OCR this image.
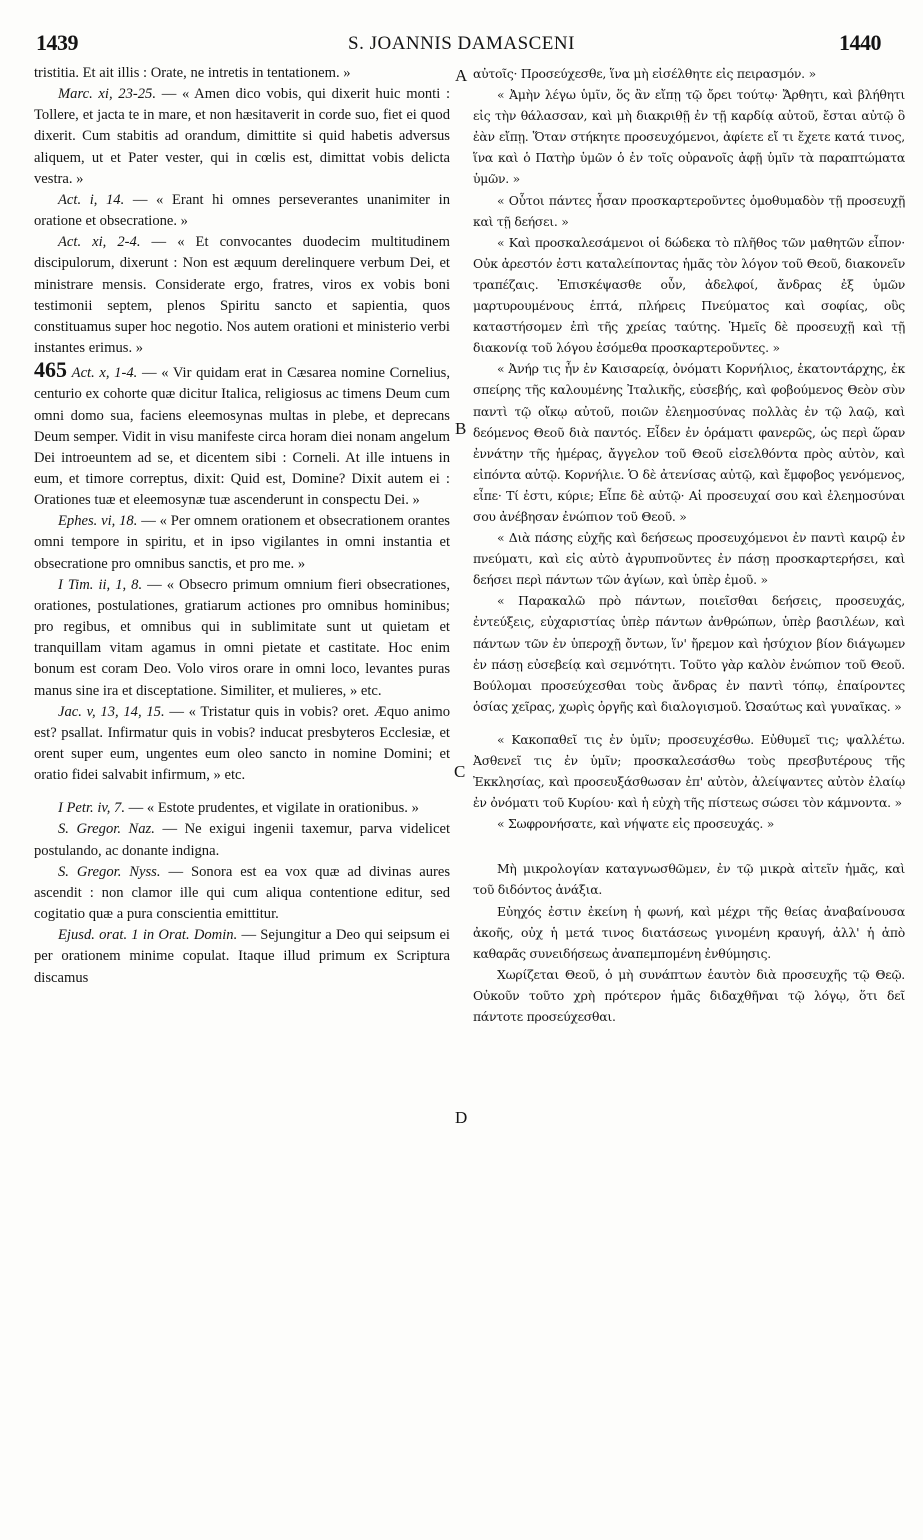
1439	S. JOANNIS DAMASCENI	1440
A
B
C
D

tristitia. Et ait illis : Orate, ne intretis in tentationem. »

Marc. xi, 23-25. — « Amen dico vobis, qui dixerit huic monti : Tollere, et jacta te in mare, et non hæsitaverit in corde suo, fiet ei quod dixerit. Cum stabitis ad orandum, dimittite si quid habetis adversus aliquem, ut et Pater vester, qui in cœlis est, dimittat vobis delicta vestra. »

Act. i, 14. — « Erant hi omnes perseverantes unanimiter in oratione et obsecratione. »

Act. xi, 2-4. — « Et convocantes duodecim multitudinem discipulorum, dixerunt : Non est æquum derelinquere verbum Dei, et ministrare mensis. Considerate ergo, fratres, viros ex vobis boni testimonii septem, plenos Spiritu sancto et sapientia, quos constituamus super hoc negotio. Nos autem orationi et ministerio verbi instantes erimus. »

465 Act. x, 1-4. — « Vir quidam erat in Cæsarea nomine Cornelius, centurio ex cohorte quæ dicitur Italica, religiosus ac timens Deum cum omni domo sua, faciens eleemosynas multas in plebe, et deprecans Deum semper. Vidit in visu manifeste circa horam diei nonam angelum Dei introeuntem ad se, et dicentem sibi : Corneli. At ille intuens in eum, et timore correptus, dixit: Quid est, Domine? Dixit autem ei : Orationes tuæ et eleemosynæ tuæ ascenderunt in conspectu Dei. »

Ephes. vi, 18. — « Per omnem orationem et obsecrationem orantes omni tempore in spiritu, et in ipso vigilantes in omni instantia et obsecratione pro omnibus sanctis, et pro me. »

I Tim. ii, 1, 8. — « Obsecro primum omnium fieri obsecrationes, orationes, postulationes, gratiarum actiones pro omnibus hominibus; pro regibus, et omnibus qui in sublimitate sunt ut quietam et tranquillam vitam agamus in omni pietate et castitate. Hoc enim bonum est coram Deo. Volo viros orare in omni loco, levantes puras manus sine ira et disceptatione. Similiter, et mulieres, » etc.

Jac. v, 13, 14, 15. — « Tristatur quis in vobis? oret. Æquo animo est? psallat. Infirmatur quis in vobis? inducat presbyteros Ecclesiæ, et orent super eum, ungentes eum oleo sancto in nomine Domini; et oratio fidei salvabit infirmum, » etc.

I Petr. iv, 7. — « Estote prudentes, et vigilate in orationibus. »

S. Gregor. Naz. — Ne exigui ingenii taxemur, parva videlicet postulando, ac donante indigna.

S. Gregor. Nyss. — Sonora est ea vox quæ ad divinas aures ascendit : non clamor ille qui cum aliqua contentione editur, sed cogitatio quæ a pura conscientia emittitur.

Ejusd. orat. 1 in Orat. Domin. — Sejungitur a Deo qui seipsum ei per orationem minime copulat. Itaque illud primum ex Scriptura discamus

αὐτοῖς· Προσεύχεσθε, ἵνα μὴ εἰσέλθητε εἰς πειρασμόν. »

« Ἀμὴν λέγω ὑμῖν, ὅς ἂν εἴπῃ τῷ ὄρει τούτῳ· Ἄρθητι, καὶ βλήθητι εἰς τὴν θάλασσαν, καὶ μὴ διακριθῇ ἐν τῇ καρδίᾳ αὐτοῦ, ἔσται αὐτῷ ὃ ἐὰν εἴπῃ. Ὅταν στήκητε προσευχόμενοι, ἀφίετε εἴ τι ἔχετε κατά τινος, ἵνα καὶ ὁ Πατὴρ ὑμῶν ὁ ἐν τοῖς οὐρανοῖς ἀφῇ ὑμῖν τὰ παραπτώματα ὑμῶν. »

« Οὗτοι πάντες ἦσαν προσκαρτεροῦντες ὁμοθυμαδὸν τῇ προσευχῇ καὶ τῇ δεήσει. »

« Καὶ προσκαλεσάμενοι οἱ δώδεκα τὸ πλῆθος τῶν μαθητῶν εἶπον· Οὐκ ἀρεστόν ἐστι καταλείποντας ἡμᾶς τὸν λόγον τοῦ Θεοῦ, διακονεῖν τραπέζαις. Ἐπισκέψασθε οὖν, ἀδελφοί, ἄνδρας ἐξ ὑμῶν μαρτυρουμένους ἑπτά, πλήρεις Πνεύματος καὶ σοφίας, οὓς καταστήσομεν ἐπὶ τῆς χρείας ταύτης. Ἡμεῖς δὲ προσευχῇ καὶ τῇ διακονίᾳ τοῦ λόγου ἐσόμεθα προσκαρτεροῦντες. »

« Ἀνήρ τις ἦν ἐν Καισαρείᾳ, ὀνόματι Κορνήλιος, ἑκατοντάρχης, ἐκ σπείρης τῆς καλουμένης Ἰταλικῆς, εὐσεβής, καὶ φοβούμενος Θεὸν σὺν παντὶ τῷ οἴκῳ αὐτοῦ, ποιῶν ἐλεημοσύνας πολλὰς ἐν τῷ λαῷ, καὶ δεόμενος Θεοῦ διὰ παντός. Εἶδεν ἐν ὁράματι φανερῶς, ὡς περὶ ὥραν ἐννάτην τῆς ἡμέρας, ἄγγελον τοῦ Θεοῦ εἰσελθόντα πρὸς αὐτὸν, καὶ εἰπόντα αὐτῷ. Κορνήλιε. Ὁ δὲ ἀτενίσας αὐτῷ, καὶ ἔμφοβος γενόμενος, εἶπε· Τί ἐστι, κύριε; Εἶπε δὲ αὐτῷ· Αἱ προσευχαί σου καὶ ἐλεημοσύναι σου ἀνέβησαν ἐνώπιον τοῦ Θεοῦ. »

« Διὰ πάσης εὐχῆς καὶ δεήσεως προσευχόμενοι ἐν παντὶ καιρῷ ἐν πνεύματι, καὶ εἰς αὐτὸ ἀγρυπνοῦντες ἐν πάσῃ προσκαρτερήσει, καὶ δεήσει περὶ πάντων τῶν ἁγίων, καὶ ὑπὲρ ἐμοῦ. »

« Παρακαλῶ πρὸ πάντων, ποιεῖσθαι δεήσεις, προσευχάς, ἐντεύξεις, εὐχαριστίας ὑπὲρ πάντων ἀνθρώπων, ὑπὲρ βασιλέων, καὶ πάντων τῶν ἐν ὑπεροχῇ ὄντων, ἵν' ἤρεμον καὶ ἡσύχιον βίον διάγωμεν ἐν πάσῃ εὐσεβείᾳ καὶ σεμνότητι. Τοῦτο γὰρ καλὸν ἐνώπιον τοῦ Θεοῦ. Βούλομαι προσεύχεσθαι τοὺς ἄνδρας ἐν παντὶ τόπῳ, ἐπαίροντες ὁσίας χεῖρας, χωρὶς ὀργῆς καὶ διαλογισμοῦ. Ὡσαύτως καὶ γυναῖκας. »

« Κακοπαθεῖ τις ἐν ὑμῖν; προσευχέσθω. Εὐθυμεῖ τις; ψαλλέτω. Ἀσθενεῖ τις ἐν ὑμῖν; προσκαλεσάσθω τοὺς πρεσβυτέρους τῆς Ἐκκλησίας, καὶ προσευξάσθωσαν ἐπ' αὐτὸν, ἀλείψαντες αὐτὸν ἐλαίῳ ἐν ὀνόματι τοῦ Κυρίου· καὶ ἡ εὐχὴ τῆς πίστεως σώσει τὸν κάμνοντα. »

« Σωφρονήσατε, καὶ νήψατε εἰς προσευχάς. »

Μὴ μικρολογίαν καταγνωσθῶμεν, ἐν τῷ μικρὰ αἰτεῖν ἡμᾶς, καὶ τοῦ διδόντος ἀνάξια.

Εὐηχός ἐστιν ἐκείνη ἡ φωνή, καὶ μέχρι τῆς θείας ἀναβαίνουσα ἀκοῆς, οὐχ ἡ μετά τινος διατάσεως γινομένη κραυγή, ἀλλ' ἡ ἀπὸ καθαρᾶς συνειδήσεως ἀναπεμπομένη ἐνθύμησις.

Χωρίζεται Θεοῦ, ὁ μὴ συνάπτων ἑαυτὸν διὰ προσευχῆς τῷ Θεῷ. Οὐκοῦν τοῦτο χρὴ πρότερον ἡμᾶς διδαχθῆναι τῷ λόγῳ, ὅτι δεῖ πάντοτε προσεύχεσθαι.
